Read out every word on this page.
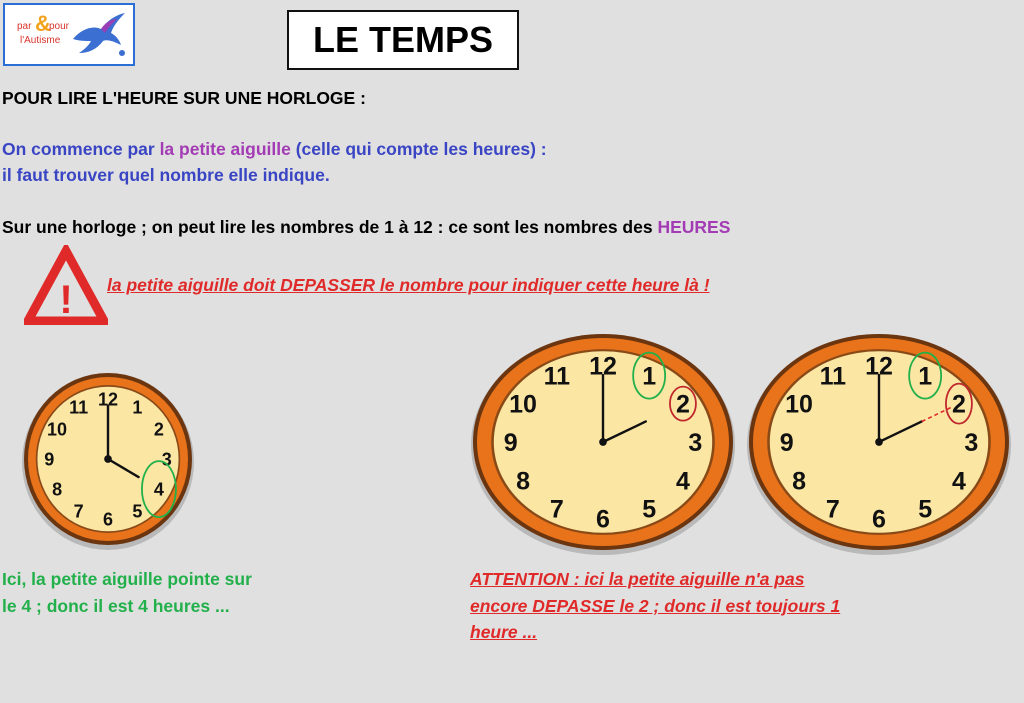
par &
pour
l'Autisme	LE TEMPS
POUR LIRE L'HEURE SUR UNE HORLOGE :
On commence par la petite aiguille (celle qui compte les heures) :
il faut trouver quel nombre elle indique.
Sur une horloge ; on peut lire les nombres de 1 à 12 : ce sont les nombres des HEURES
! la petite aiguille doit DEPASSER le nombre pour indiquer cette heure là !
12 1
2
3
4
5
6
7
8
9
10
11
12 1
2
3
4
5
6
7
8
9
10
11	12 1
2
3
4
5
6
7
8
9
10
11
Ici, la petite aiguille pointe sur
le 4 ; donc il est 4 heures ...
ATTENTION : ici la petite aiguille n'a pas
encore DEPASSE le 2 ; donc il est toujours 1
heure ...
